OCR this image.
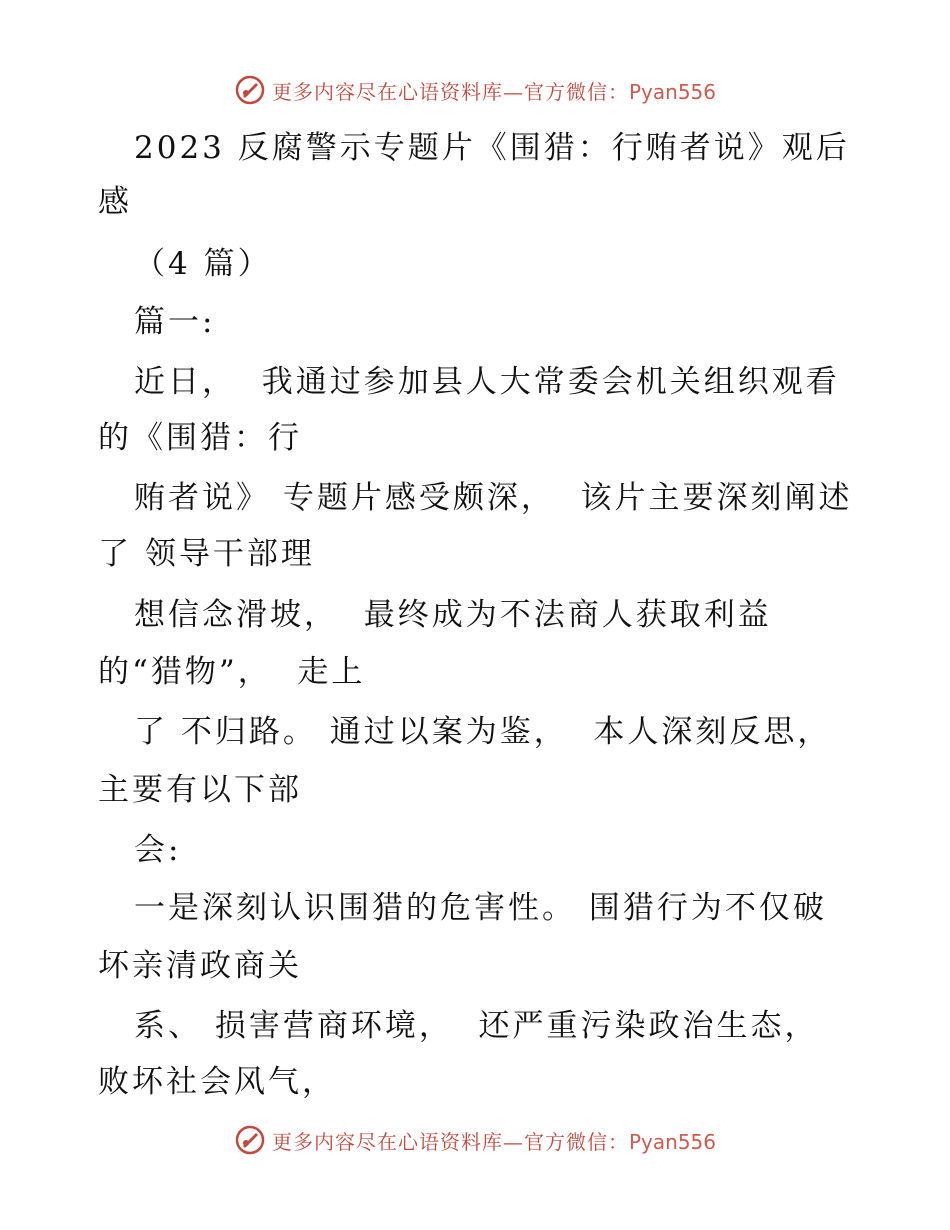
更多内容尽在心语资料库—官方微信：Pyan556
2023 反腐警示专题片《围猎：行贿者说》观后
感
（4 篇）
篇一:
近日，  我通过参加县人大常委会机关组织观看
的《围猎：行
贿者说》 专题片感受颇深，  该片主要深刻阐述
了 领导干部理
想信念滑坡，  最终成为不法商人获取利益
的“猎物”，  走上
了 不归路。 通过以案为鉴，  本人深刻反思，
主要有以下部
会:
一是深刻认识围猎的危害性。 围猎行为不仅破
坏亲清政商关
系、 损害营商环境，  还严重污染政治生态，
败坏社会风气，
更多内容尽在心语资料库—官方微信：Pyan556
